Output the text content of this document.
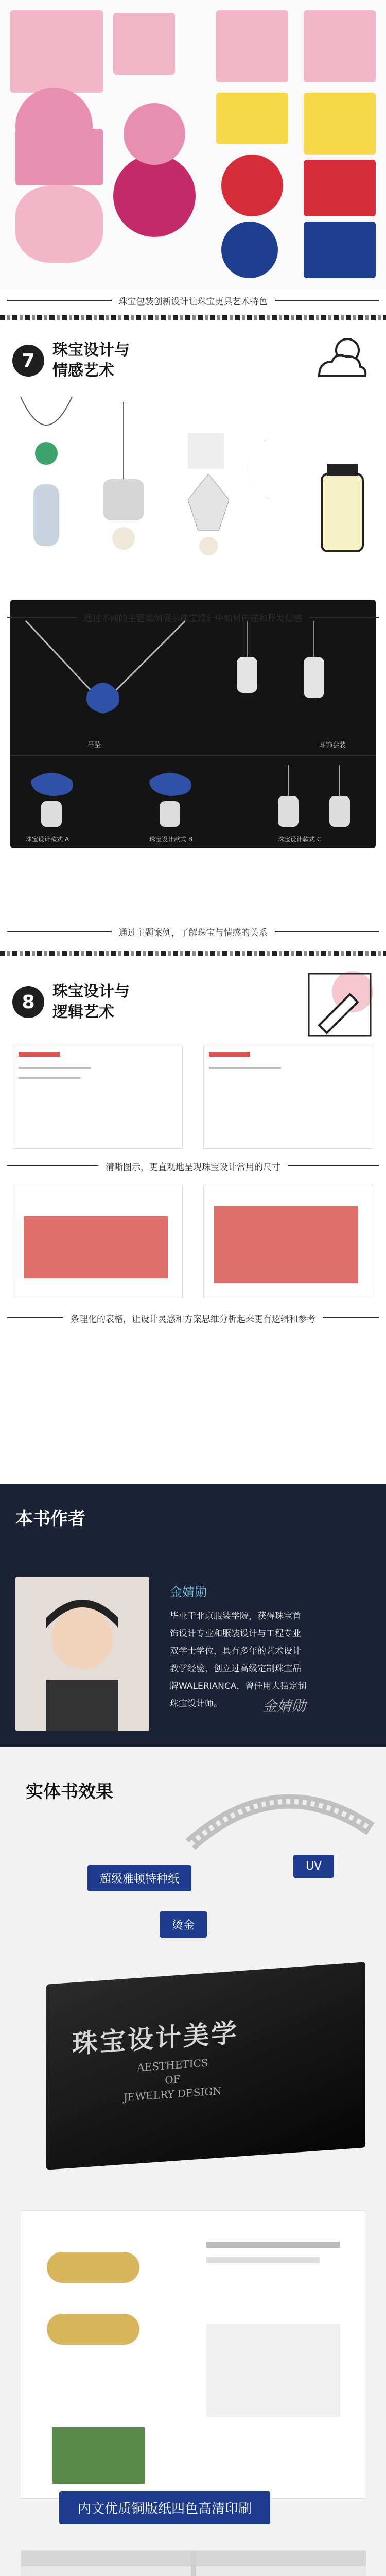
珠宝包装创新设计让珠宝更具艺术特色
7	珠宝设计与
情感艺术
吊坠	耳饰套装
珠宝设计款式 A	珠宝设计款式 B	珠宝设计款式 C
通过不同的主题案例展示珠宝设计中如何传递和抒发情感
通过主题案例，了解珠宝与情感的关系
8	珠宝设计与
逻辑艺术
清晰图示，更直观地呈现珠宝设计常用的尺寸
条理化的表格，让设计灵感和方案思维分析起来更有逻辑和参考
本书作者
金婧勋
毕业于北京服装学院，获得珠宝首饰设计专业和服装设计与工程专业双学士学位，具有多年的艺术设计教学经验，创立过高级定制珠宝品牌WALERIANCA，曾任用大猫定制珠宝设计师。	金婧勋
实体书效果
超级雅顿特种纸
UV
烫金
珠宝设计美学
AESTHETICS
OF
JEWELRY DESIGN
内文优质铜版纸四色高清印刷
